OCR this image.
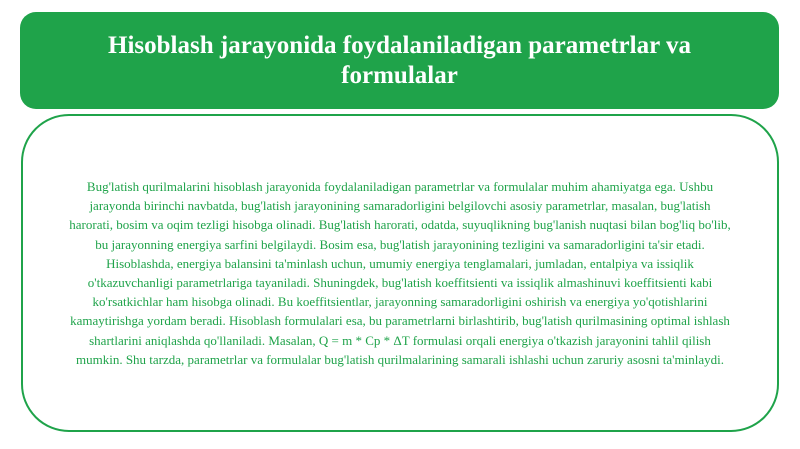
Hisoblash jarayonida foydalaniladigan parametrlar va formulalar

Bug'latish qurilmalarini hisoblash jarayonida foydalaniladigan parametrlar va formulalar muhim ahamiyatga ega. Ushbu jarayonda birinchi navbatda, bug'latish jarayonining samaradorligini belgilovchi asosiy parametrlar, masalan, bug'latish harorati, bosim va oqim tezligi hisobga olinadi. Bug'latish harorati, odatda, suyuqlikning bug'lanish nuqtasi bilan bog'liq bo'lib, bu jarayonning energiya sarfini belgilaydi. Bosim esa, bug'latish jarayonining tezligini va samaradorligini ta'sir etadi. Hisoblashda, energiya balansini ta'minlash uchun, umumiy energiya tenglamalari, jumladan, entalpiya va issiqlik o'tkazuvchanligi parametrlariga tayaniladi. Shuningdek, bug'latish koeffitsienti va issiqlik almashinuvi koeffitsienti kabi ko'rsatkichlar ham hisobga olinadi. Bu koeffitsientlar, jarayonning samaradorligini oshirish va energiya yo'qotishlarini kamaytirishga yordam beradi. Hisoblash formulalari esa, bu parametrlarni birlashtirib, bug'latish qurilmasining optimal ishlash shartlarini aniqlashda qo'llaniladi. Masalan, Q = m * Cp * ΔT formulasi orqali energiya o'tkazish jarayonini tahlil qilish mumkin. Shu tarzda, parametrlar va formulalar bug'latish qurilmalarining samarali ishlashi uchun zaruriy asosni ta'minlaydi.
